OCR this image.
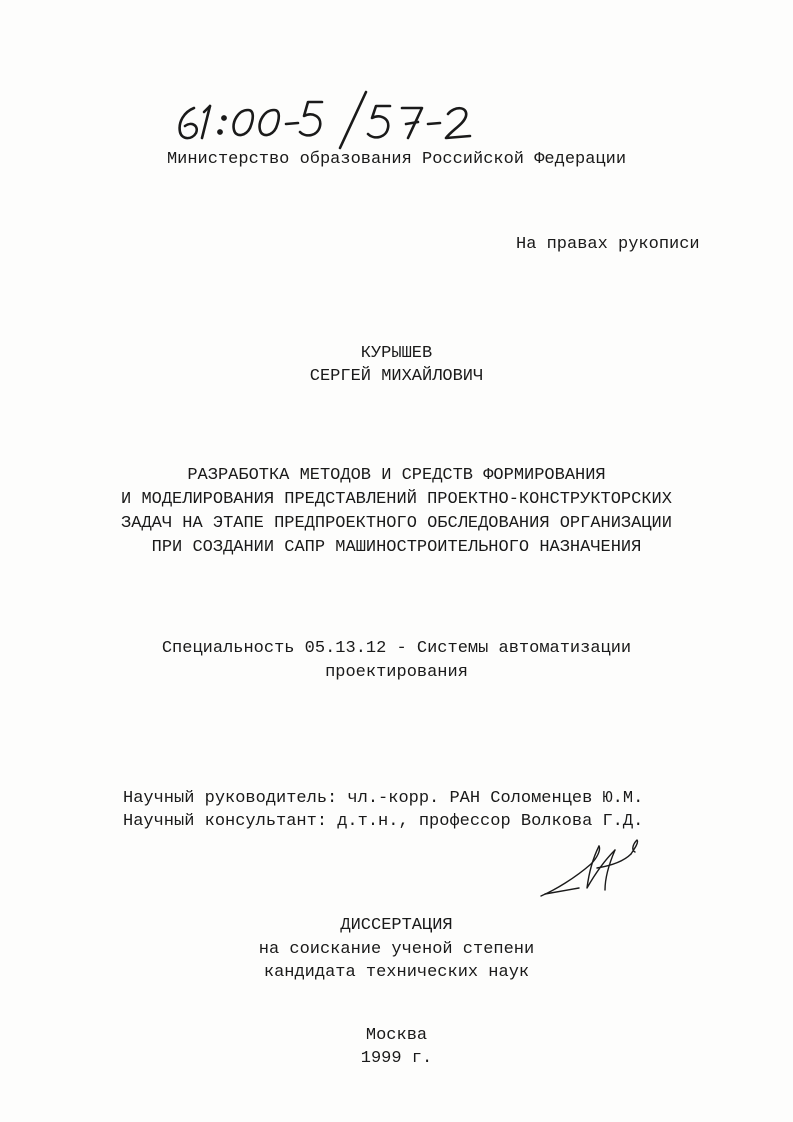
Министерство образования Российской Федерации
На правах рукописи
КУРЫШЕВ
СЕРГЕЙ МИХАЙЛОВИЧ
РАЗРАБОТКА МЕТОДОВ И СРЕДСТВ ФОРМИРОВАНИЯ
И МОДЕЛИРОВАНИЯ ПРЕДСТАВЛЕНИЙ ПРОЕКТНО-КОНСТРУКТОРСКИХ
ЗАДАЧ НА ЭТАПЕ ПРЕДПРОЕКТНОГО ОБСЛЕДОВАНИЯ ОРГАНИЗАЦИИ
ПРИ СОЗДАНИИ САПР МАШИНОСТРОИТЕЛЬНОГО НАЗНАЧЕНИЯ
Специальность 05.13.12 - Системы автоматизации
проектирования
Научный руководитель: чл.-корр. РАН Соломенцев Ю.М.
Научный консультант: д.т.н., профессор Волкова Г.Д.
ДИССЕРТАЦИЯ
на соискание ученой степени
кандидата технических наук
Москва
1999 г.
